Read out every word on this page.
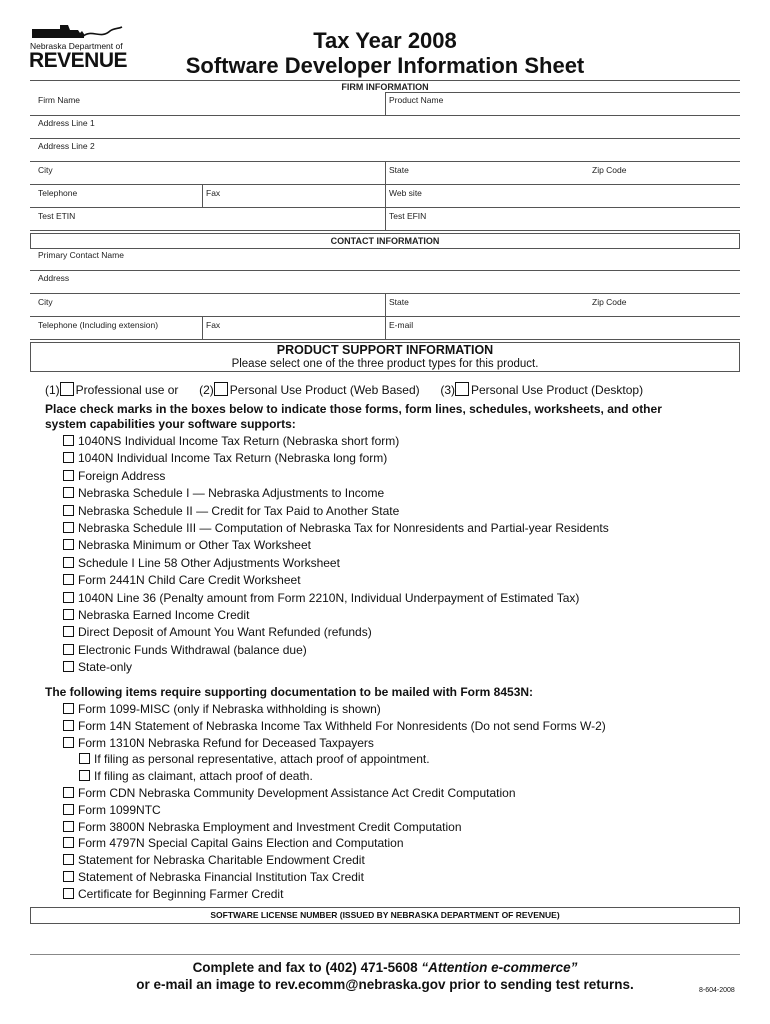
Nebraska Department of
REVENUE
Tax Year 2008
Software Developer Information Sheet
FIRM INFORMATION
Firm Name	Product Name
Address Line 1
Address Line 2
City	State	Zip Code
Telephone	Fax	Web site
Test ETIN	Test EFIN
CONTACT INFORMATION
Primary Contact Name
Address
City	State	Zip Code
Telephone (Including extension)	Fax	E-mail
PRODUCT SUPPORT INFORMATION
Please select one of the three product types for this product.
(1) Professional use or (2) Personal Use Product (Web Based) (3) Personal Use Product (Desktop)
Place check marks in the boxes below to indicate those forms, form lines, schedules, worksheets, and other
system capabilities your software supports:
1040NS Individual Income Tax Return (Nebraska short form)
1040N Individual Income Tax Return (Nebraska long form)
Foreign Address
Nebraska Schedule I — Nebraska Adjustments to Income
Nebraska Schedule II — Credit for Tax Paid to Another State
Nebraska Schedule III — Computation of Nebraska Tax for Nonresidents and Partial-year Residents
Nebraska Minimum or Other Tax Worksheet
Schedule I Line 58 Other Adjustments Worksheet
Form 2441N Child Care Credit Worksheet
1040N Line 36 (Penalty amount from Form 2210N, Individual Underpayment of Estimated Tax)
Nebraska Earned Income Credit
Direct Deposit of Amount You Want Refunded (refunds)
Electronic Funds Withdrawal (balance due)
State-only
The following items require supporting documentation to be mailed with Form 8453N:
Form 1099-MISC (only if Nebraska withholding is shown)
Form 14N Statement of Nebraska Income Tax Withheld For Nonresidents (Do not send Forms W-2)
Form 1310N Nebraska Refund for Deceased Taxpayers
If filing as personal representative, attach proof of appointment.
If filing as claimant, attach proof of death.
Form CDN Nebraska Community Development Assistance Act Credit Computation
Form 1099NTC
Form 3800N Nebraska Employment and Investment Credit Computation
Form 4797N Special Capital Gains Election and Computation
Statement for Nebraska Charitable Endowment Credit
Statement of Nebraska Financial Institution Tax Credit
Certificate for Beginning Farmer Credit
SOFTWARE LICENSE NUMBER (ISSUED BY NEBRASKA DEPARTMENT OF REVENUE)
Complete and fax to (402) 471-5608 “Attention e-commerce”
or e-mail an image to rev.ecomm@nebraska.gov prior to sending test returns.	8-604-2008
